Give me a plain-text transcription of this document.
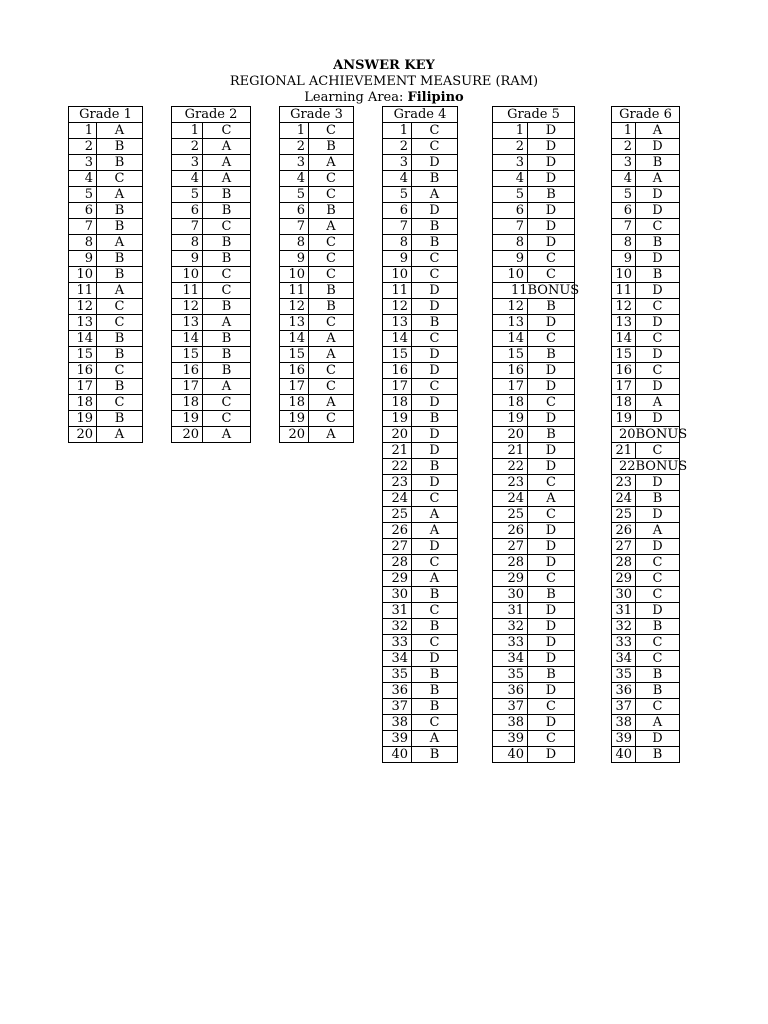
ANSWER KEY
REGIONAL ACHIEVEMENT MEASURE (RAM)
Learning Area: Filipino
Grade 1	
1	A
2	B
3	B
4	C
5	A
6	B
7	B
8	A
9	B
10	B
11	A
12	C
13	C
14	B
15	B
16	C
17	B
18	C
19	B
20	A
Grade 2	
1	C
2	A
3	A
4	A
5	B
6	B
7	C
8	B
9	B
10	C
11	C
12	B
13	A
14	B
15	B
16	B
17	A
18	C
19	C
20	A
Grade 3	
1	C
2	B
3	A
4	C
5	C
6	B
7	A
8	C
9	C
10	C
11	B
12	B
13	C
14	A
15	A
16	C
17	C
18	A
19	C
20	A
Grade 4	
1	C
2	C
3	D
4	B
5	A
6	D
7	B
8	B
9	C
10	C
11	D
12	D
13	B
14	C
15	D
16	D
17	C
18	D
19	B
20	D
21	D
22	B
23	D
24	C
25	A
26	A
27	D
28	C
29	A
30	B
31	C
32	B
33	C
34	D
35	B
36	B
37	B
38	C
39	A
40	B
Grade 5	
1	D
2	D
3	D
4	D
5	B
6	D
7	D
8	D
9	C
10	C
11	BONUS
12	B
13	D
14	C
15	B
16	D
17	D
18	C
19	D
20	B
21	D
22	D
23	C
24	A
25	C
26	D
27	D
28	D
29	C
30	B
31	D
32	D
33	D
34	D
35	B
36	D
37	C
38	D
39	C
40	D
Grade 6	
1	A
2	D
3	B
4	A
5	D
6	D
7	C
8	B
9	D
10	B
11	D
12	C
13	D
14	C
15	D
16	C
17	D
18	A
19	D
20	BONUS
21	C
22	BONUS
23	D
24	B
25	D
26	A
27	D
28	C
29	C
30	C
31	D
32	B
33	C
34	C
35	B
36	B
37	C
38	A
39	D
40	B
